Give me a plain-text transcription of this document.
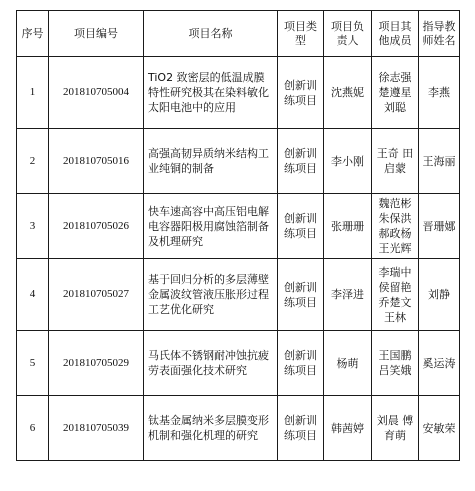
序号	项目编号	项目名称	项目类型	项目负责人	项目其他成员	指导教师姓名

1	201810705004	TiO2 致密层的低温成膜特性研究极其在染料敏化太阳电池中的应用	创新训练项目	沈燕妮	徐志强 楚遵星 刘聪	李燕
2	201810705016	高强高韧异质纳米结构工业纯铜的制备	创新训练项目	李小刚	王奇 田启蒙	王海丽
3	201810705026	快车速高容中高压铝电解电容器阳极用腐蚀箔制备及机理研究	创新训练项目	张珊珊	魏范彬 朱保洪 郝政杨 王光辉	晋珊娜
4	201810705027	基于回归分析的多层薄壁金属波纹管液压胀形过程工艺优化研究	创新训练项目	李泽进	李瑞中 侯留艳 乔楚文 王林	刘静
5	201810705029	马氏体不锈钢耐冲蚀抗疲劳表面强化技术研究	创新训练项目	杨萌	王国鹏 吕笑娥	奚运涛
6	201810705039	钛基金属纳米多层膜变形机制和强化机理的研究	创新训练项目	韩茜婷	刘晨 傅育萌	安敏荣
